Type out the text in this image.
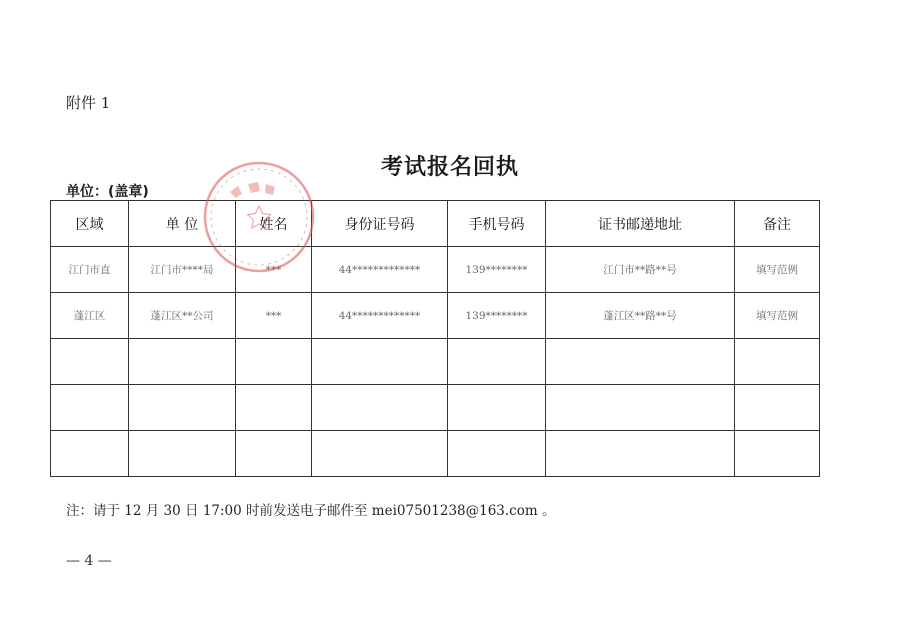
附件 1
考试报名回执
单位：(盖章)
区域	单 位	姓名	身份证号码	手机号码	证书邮递地址	备注
江门市直	江门市****局	***	44*************	139********	江门市**路**号	填写范例
蓬江区	蓬江区**公司	***	44*************	139********	蓬江区**路**号	填写范例

注：请于 12 月 30 日 17:00 时前发送电子邮件至 mei07501238@163.com 。
— 4 —
